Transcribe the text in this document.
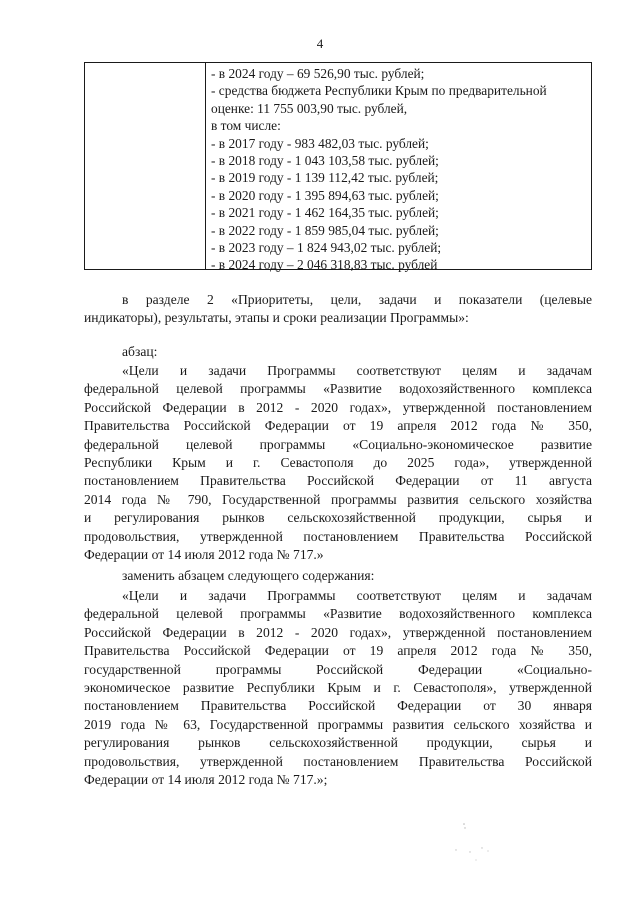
4
- в 2024 году – 69 526,90 тыс. рублей;
- средства бюджета Республики Крым по предварительной оценке: 11 755 003,90 тыс. рублей,
в том числе:
- в 2017 году - 983 482,03 тыс. рублей;
- в 2018 году - 1 043 103,58 тыс. рублей;
- в 2019 году - 1 139 112,42 тыс. рублей;
- в 2020 году - 1 395 894,63 тыс. рублей;
- в 2021 году - 1 462 164,35 тыс. рублей;
- в 2022 году - 1 859 985,04 тыс. рублей;
- в 2023 году – 1 824 943,02 тыс. рублей;
- в 2024 году – 2 046 318,83 тыс. рублей
в разделе 2 «Приоритеты, цели, задачи и показатели (целевые
индикаторы), результаты, этапы и сроки реализации Программы»:
абзац:
«Цели и задачи Программы соответствуют целям и задачам
федеральной целевой программы «Развитие водохозяйственного комплекса
Российской Федерации в 2012 - 2020 годах», утвержденной постановлением
Правительства Российской Федерации от 19 апреля 2012 года № 350,
федеральной целевой программы «Социально-экономическое развитие
Республики Крым и г. Севастополя до 2025 года», утвержденной
постановлением Правительства Российской Федерации от 11 августа
2014 года № 790, Государственной программы развития сельского хозяйства
и регулирования рынков сельскохозяйственной продукции, сырья и
продовольствия, утвержденной постановлением Правительства Российской
Федерации от 14 июля 2012 года № 717.»
заменить абзацем следующего содержания:
«Цели и задачи Программы соответствуют целям и задачам
федеральной целевой программы «Развитие водохозяйственного комплекса
Российской Федерации в 2012 - 2020 годах», утвержденной постановлением
Правительства Российской Федерации от 19 апреля 2012 года № 350,
государственной программы Российской Федерации «Социально-
экономическое развитие Республики Крым и г. Севастополя», утвержденной
постановлением Правительства Российской Федерации от 30 января
2019 года № 63, Государственной программы развития сельского хозяйства и
регулирования рынков сельскохозяйственной продукции, сырья и
продовольствия, утвержденной постановлением Правительства Российской
Федерации от 14 июля 2012 года № 717.»;
